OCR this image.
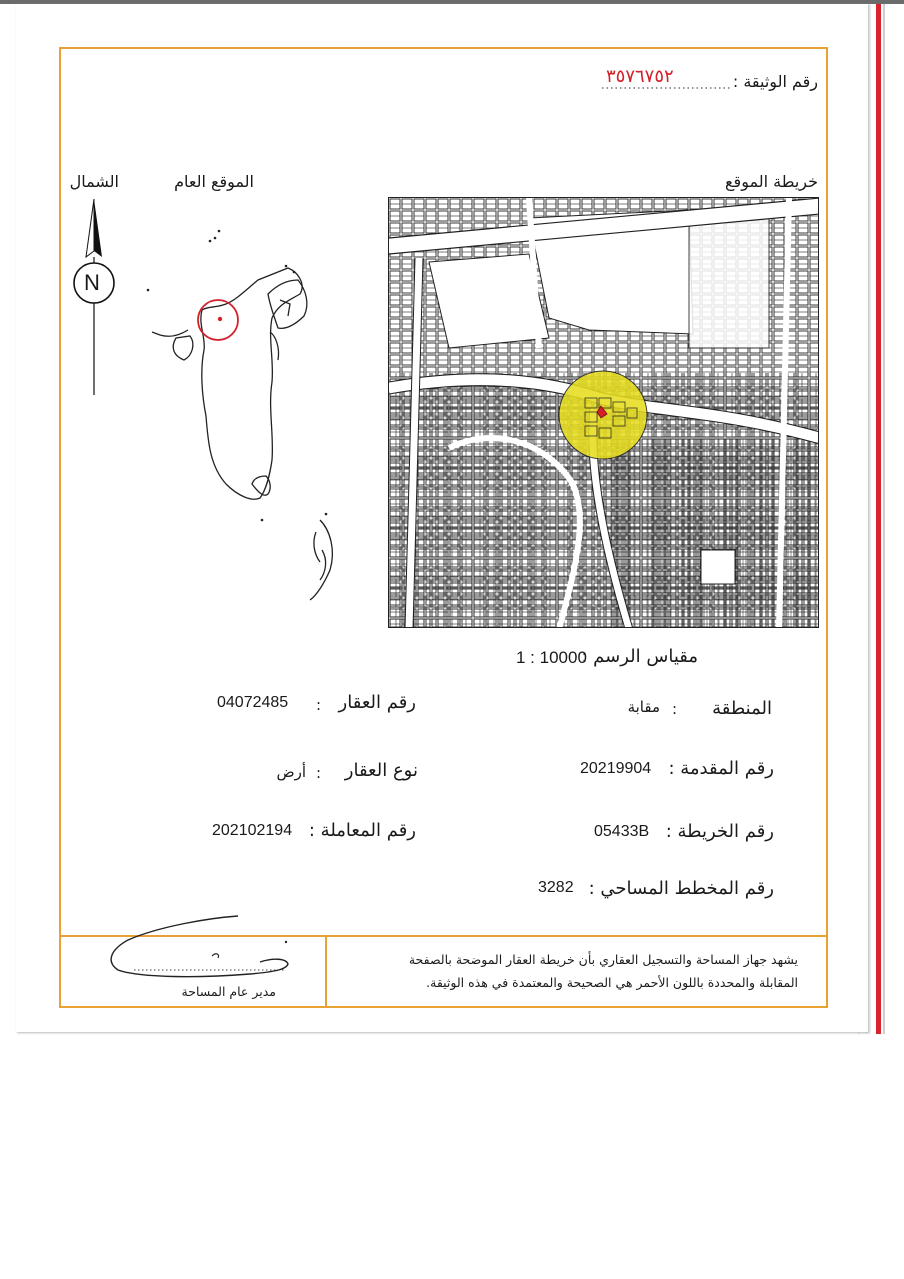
رقم الوثيقة :
٣٥٧٦٧٥٢
الشمال	الموقع العام	خريطة الموقع
N
مقياس الرسم :
1 : 10000
المنطقة
:
مقابة
رقم العقار
:
04072485
رقم المقدمة :
20219904
نوع العقار
:
أرض
رقم الخريطة :
05433B
رقم المعاملة :
202102194
رقم المخطط المساحي :
3282
يشهد جهاز المساحة والتسجيل العقاري بأن خريطة العقار الموضحة بالصفحة
المقابلة والمحددة باللون الأحمر هي الصحيحة والمعتمدة في هذه الوثيقة.
مدير عام المساحة
